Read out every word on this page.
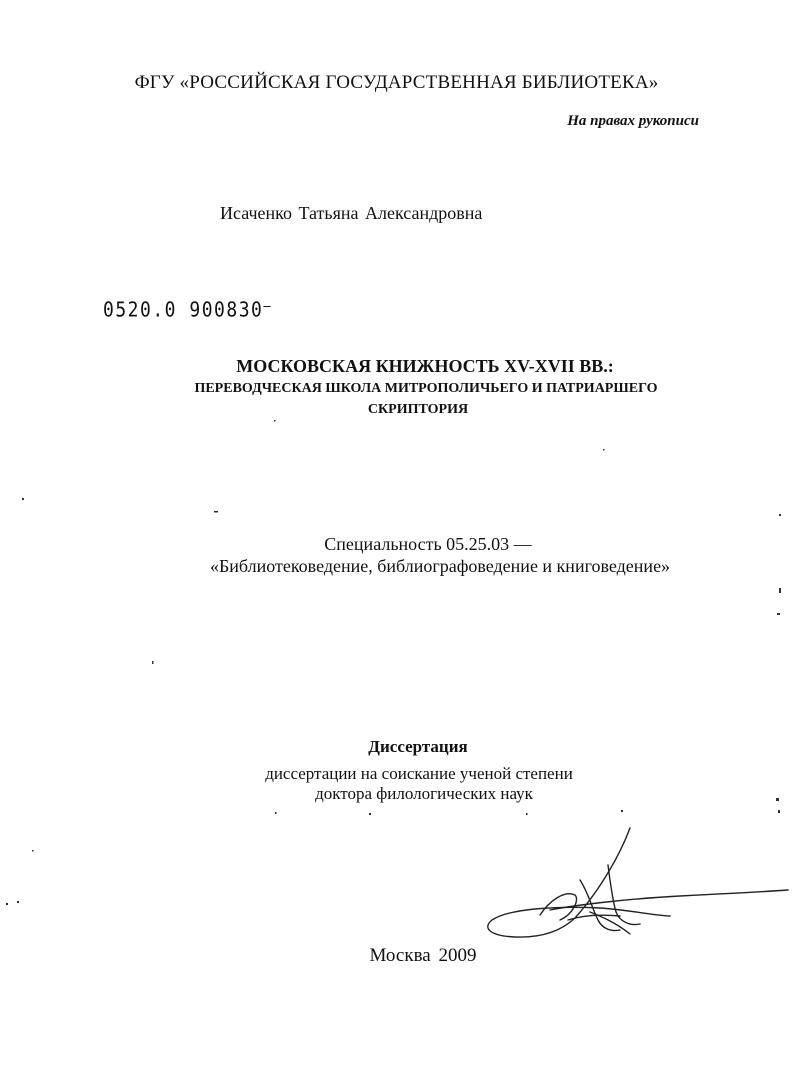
ФГУ «РОССИЙСКАЯ ГОСУДАРСТВЕННАЯ БИБЛИОТЕКА»
На правах рукописи
Исаченко Татьяна Александровна
0520.0 900830—
МОСКОВСКАЯ КНИЖНОСТЬ XV-XVII ВВ.:
ПЕРЕВОДЧЕСКАЯ ШКОЛА МИТРОПОЛИЧЬЕГО И ПАТРИАРШЕГО
СКРИПТОРИЯ
Специальность 05.25.03 —
«Библиотековедение, библиографоведение и книговедение»
Диссертация
диссертации на соискание ученой степени
доктора филологических наук
Москва 2009
